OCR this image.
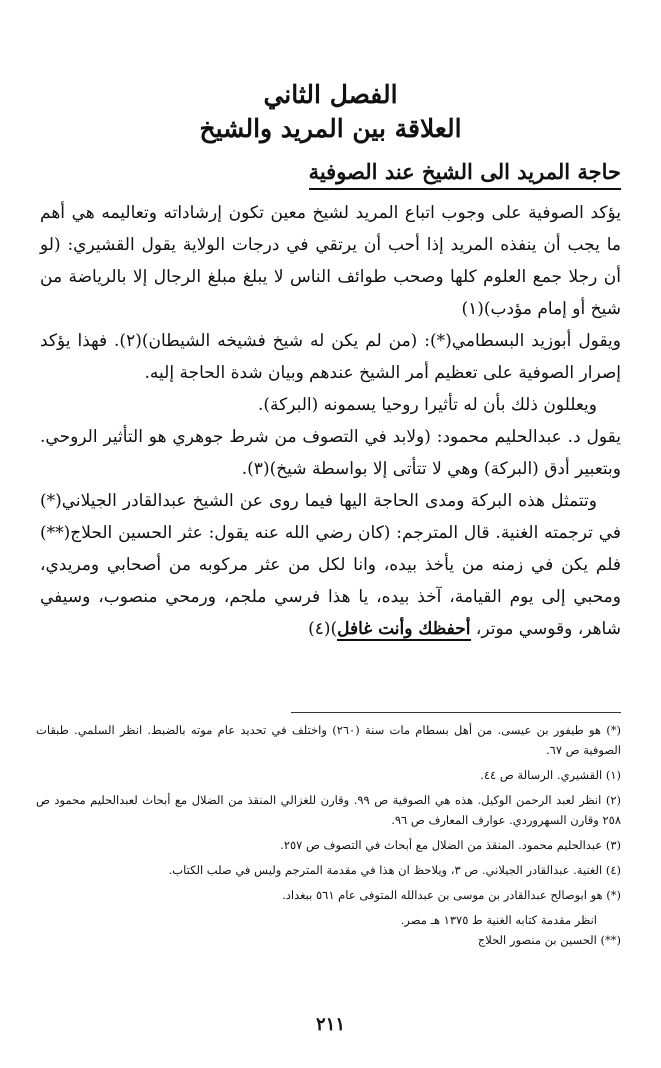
الفصل الثاني
العلاقة بين المريد والشيخ
حاجة المريد الى الشيخ عند الصوفية

يؤكد الصوفية على وجوب اتباع المريد لشيخ معين تكون إرشاداته وتعاليمه هي أهم ما يجب أن ينفذه المريد إذا أحب أن يرتقي في درجات الولاية يقول القشيري: (لو أن رجلا جمع العلوم كلها وصحب طوائف الناس لا يبلغ مبلغ الرجال إلا بالرياضة من شيخ أو إمام مؤدب)(١)

ويقول أبوزيد البسطامي(*): (من لم يكن له شيخ فشيخه الشيطان)(٢). فهذا يؤكد إصرار الصوفية على تعظيم أمر الشيخ عندهم وبيان شدة الحاجة إليه.

ويعللون ذلك بأن له تأثيرا روحيا يسمونه (البركة).

يقول د. عبدالحليم محمود: (ولابد في التصوف من شرط جوهري هو التأثير الروحي. وبتعبير أدق (البركة) وهي لا تتأتى إلا بواسطة شيخ)(٣).

وتتمثل هذه البركة ومدى الحاجة اليها فيما روى عن الشيخ عبدالقادر الجيلاني(*) في ترجمته الغنية. قال المترجم: (كان رضي الله عنه يقول: عثر الحسين الحلاج(**) فلم يكن في زمنه من يأخذ بيده، وانا لكل من عثر مركوبه من أصحابي ومريدي، ومحبي إلى يوم القيامة، آخذ بيده، يا هذا فرسي ملجم، ورمحي منصوب، وسيفي شاهر، وقوسي موتر، أحفظك وأنت غافل)(٤)

(*) هو طيفور بن عيسى. من أهل بسطام مات سنة (٢٦٠) واختلف في تحديد عام موته بالضبط. انظر السلمي. طبقات الصوفية ص ٦٧.

(١) القشيري. الرسالة ص ٤٤.

(٢) انظر لعبد الرحمن الوكيل. هذه هي الصوفية ص ٩٩. وقارن للغزالي المنقذ من الضلال مع أبحاث لعبدالحليم محمود ص ٢٥٨ وقارن السهروردي. عوارف المعارف ص ٩٦.

(٣) عبدالحليم محمود. المنقذ من الضلال مع أبحاث في التصوف ص ٢٥٧.

(٤) الغنية. عبدالقادر الجيلاني. ص ٣، ويلاحظ ان هذا في مقدمة المترجم وليس في صلب الكتاب.

(*) هو ابوصالح عبدالقادر بن موسى بن عبدالله المتوفى عام ٥٦١ ببغداد.

انظر مقدمة كتابه الغنية ط ١٣٧٥ هـ مصر.

(**) الحسين بن منصور الحلاج

٢١١
